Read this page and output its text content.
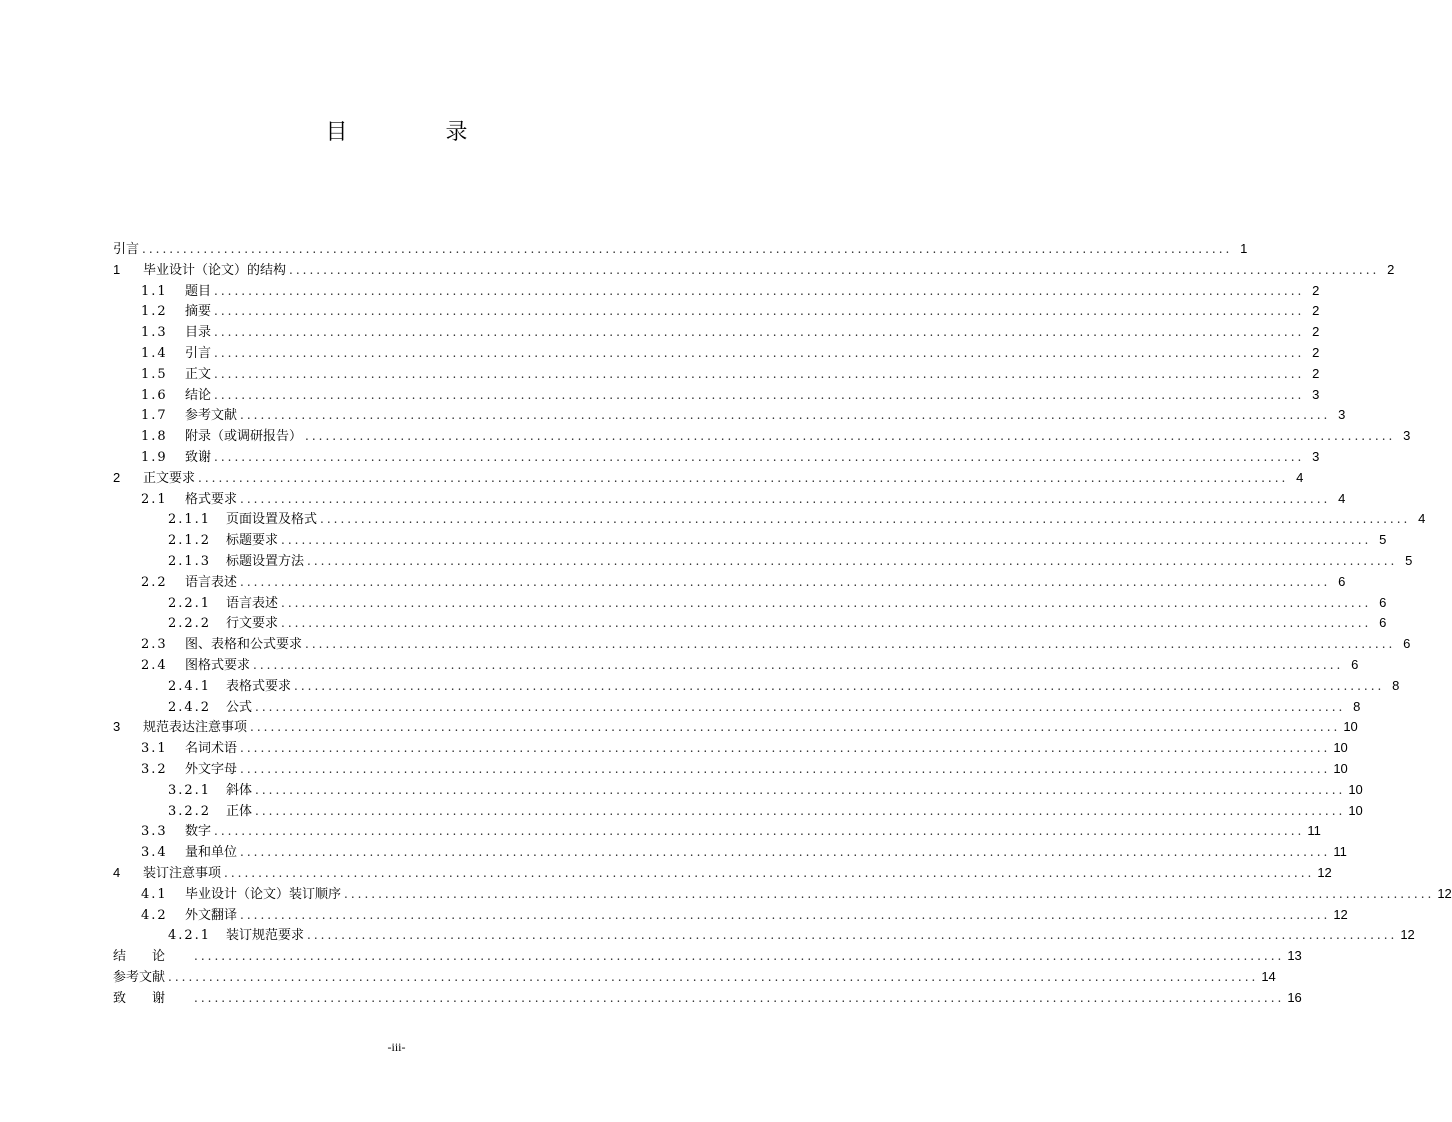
目　录
引言 ................................................................................................................................................................ 1
1	毕业设计（论文）的结构 ................................................................................................................................................................ 2
1.1	题目 ................................................................................................................................................................ 2
1.2	摘要 ................................................................................................................................................................ 2
1.3	目录 ................................................................................................................................................................ 2
1.4	引言 ................................................................................................................................................................ 2
1.5	正文 ................................................................................................................................................................ 2
1.6	结论 ................................................................................................................................................................ 3
1.7	参考文献 ................................................................................................................................................................ 3
1.8	附录（或调研报告） ................................................................................................................................................................ 3
1.9	致谢 ................................................................................................................................................................ 3
2	正文要求 ................................................................................................................................................................ 4
2.1	格式要求 ................................................................................................................................................................ 4
2.1.1	页面设置及格式 ................................................................................................................................................................ 4
2.1.2	标题要求 ................................................................................................................................................................ 5
2.1.3	标题设置方法 ................................................................................................................................................................ 5
2.2	语言表述 ................................................................................................................................................................ 6
2.2.1	语言表述 ................................................................................................................................................................ 6
2.2.2	行文要求 ................................................................................................................................................................ 6
2.3	图、表格和公式要求 ................................................................................................................................................................ 6
2.4	图格式要求 ................................................................................................................................................................ 6
2.4.1	表格式要求 ................................................................................................................................................................ 8
2.4.2	公式 ................................................................................................................................................................ 8
3	规范表达注意事项 ................................................................................................................................................................ 10
3.1	名词术语 ................................................................................................................................................................ 10
3.2	外文字母 ................................................................................................................................................................ 10
3.2.1	斜体 ................................................................................................................................................................ 10
3.2.2	正体 ................................................................................................................................................................ 10
3.3	数字 ................................................................................................................................................................ 11
3.4	量和单位 ................................................................................................................................................................ 11
4	装订注意事项 ................................................................................................................................................................ 12
4.1	毕业设计（论文）装订顺序 ................................................................................................................................................................ 12
4.2	外文翻译 ................................................................................................................................................................ 12
4.2.1	装订规范要求 ................................................................................................................................................................ 12
结论 ................................................................................................................................................................ 13
参考文献 ................................................................................................................................................................ 14
致谢 ................................................................................................................................................................ 16
-iii-
